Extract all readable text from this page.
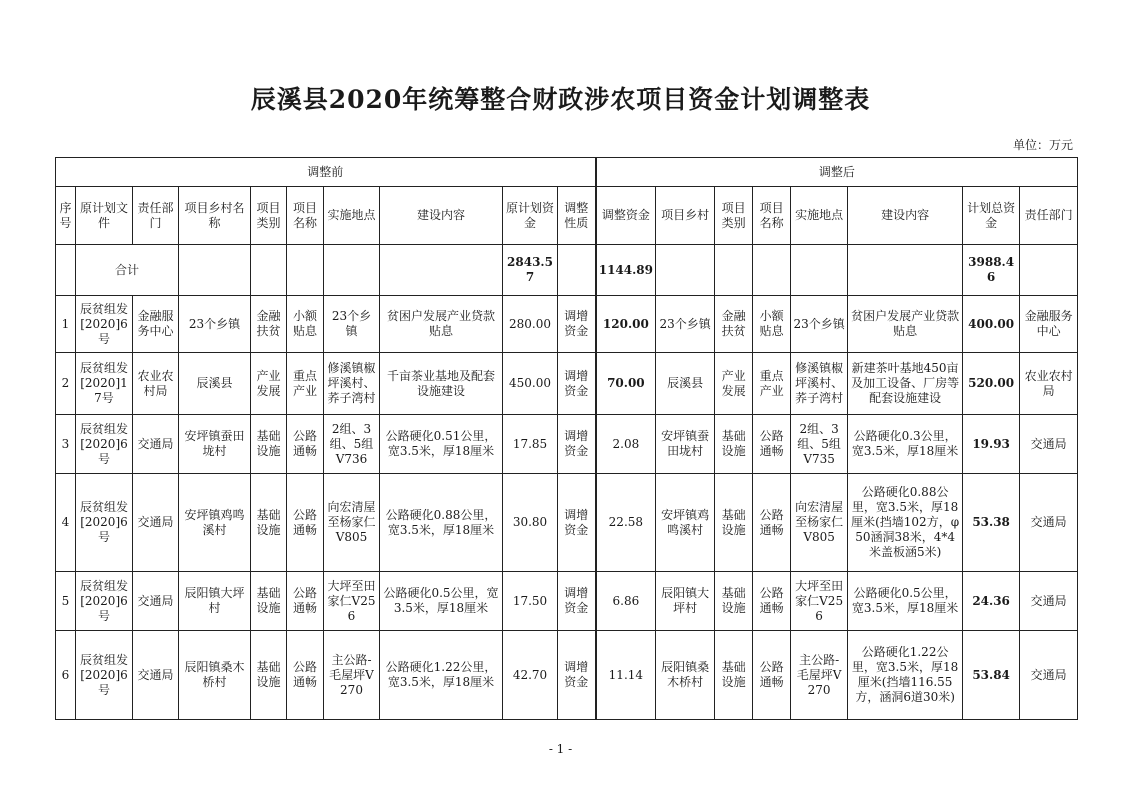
辰溪县2020年统筹整合财政涉农项目资金计划调整表
单位：万元
调整前										调整后							
序号	原计划文件	责任部门	项目乡村名称	项目类别	项目名称	实施地点	建设内容	原计划资金	调整性质	调整资金	项目乡村	项目类别	项目名称	实施地点	建设内容	计划总资金	责任部门
	合计							2843.57		1144.89						3988.46	
1	辰贫组发[2020]6号	金融服务中心	23个乡镇	金融扶贫	小额贴息	23个乡镇	贫困户发展产业贷款贴息	280.00	调增资金	120.00	23个乡镇	金融扶贫	小额贴息	23个乡镇	贫困户发展产业贷款贴息	400.00	金融服务中心
2	辰贫组发[2020]17号	农业农村局	辰溪县	产业发展	重点产业	修溪镇椒坪溪村、荞子湾村	千亩茶业基地及配套设施建设	450.00	调增资金	70.00	辰溪县	产业发展	重点产业	修溪镇椒坪溪村、荞子湾村	新建茶叶基地450亩及加工设备、厂房等配套设施建设	520.00	农业农村局
3	辰贫组发[2020]6号	交通局	安坪镇蚕田垅村	基础设施	公路通畅	2组、3组、5组V736	公路硬化0.51公里，宽3.5米，厚18厘米	17.85	调增资金	2.08	安坪镇蚕田垅村	基础设施	公路通畅	2组、3组、5组V735	公路硬化0.3公里，宽3.5米，厚18厘米	19.93	交通局
4	辰贫组发[2020]6号	交通局	安坪镇鸡鸣溪村	基础设施	公路通畅	向宏清屋至杨家仁V805	公路硬化0.88公里，宽3.5米，厚18厘米	30.80	调增资金	22.58	安坪镇鸡鸣溪村	基础设施	公路通畅	向宏清屋至杨家仁V805	公路硬化0.88公里，宽3.5米，厚18厘米(挡墙102方，φ50涵洞38米，4*4米盖板涵5米)	53.38	交通局
5	辰贫组发[2020]6号	交通局	辰阳镇大坪村	基础设施	公路通畅	大坪至田家仁V256	公路硬化0.5公里，宽3.5米，厚18厘米	17.50	调增资金	6.86	辰阳镇大坪村	基础设施	公路通畅	大坪至田家仁V256	公路硬化0.5公里，宽3.5米，厚18厘米	24.36	交通局
6	辰贫组发[2020]6号	交通局	辰阳镇桑木桥村	基础设施	公路通畅	主公路-毛屋坪V270	公路硬化1.22公里，宽3.5米，厚18厘米	42.70	调增资金	11.14	辰阳镇桑木桥村	基础设施	公路通畅	主公路-毛屋坪V270	公路硬化1.22公里，宽3.5米，厚18厘米(挡墙116.55方，涵洞6道30米)	53.84	交通局
- 1 -
